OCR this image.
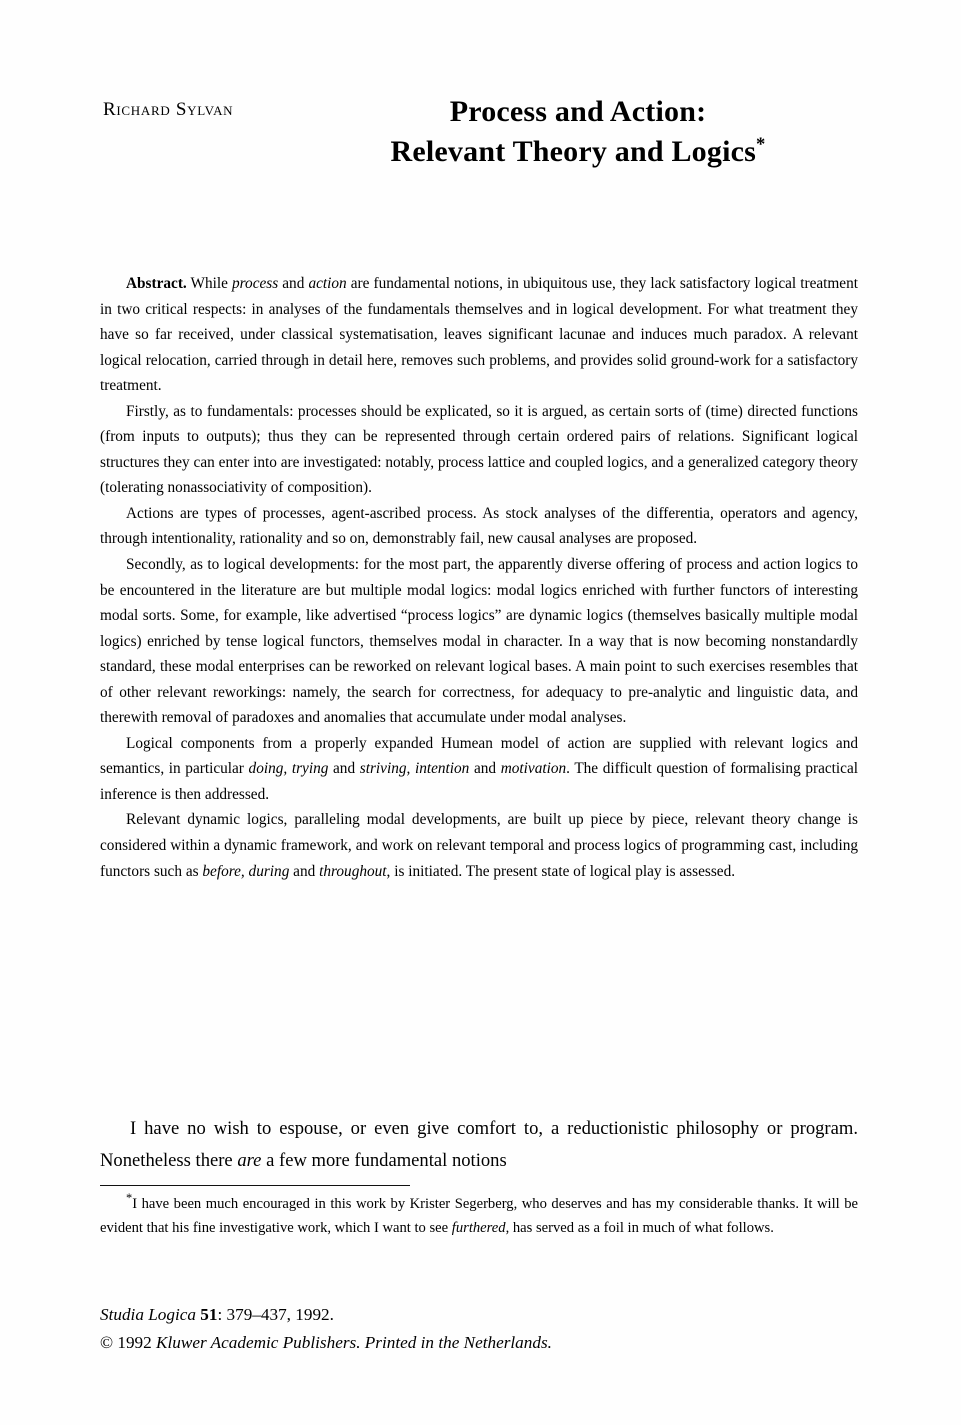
Richard Sylvan	Process and Action:
Relevant Theory and Logics*

Abstract. While process and action are fundamental notions, in ubiquitous use, they lack satisfactory logical treatment in two critical respects: in analyses of the fundamentals themselves and in logical development. For what treatment they have so far received, under classical systematisation, leaves significant lacunae and induces much paradox. A relevant logical relocation, carried through in detail here, removes such problems, and provides solid ground-work for a satisfactory treatment.

Firstly, as to fundamentals: processes should be explicated, so it is argued, as certain sorts of (time) directed functions (from inputs to outputs); thus they can be represented through certain ordered pairs of relations. Significant logical structures they can enter into are investigated: notably, process lattice and coupled logics, and a generalized category theory (tolerating nonassociativity of composition).

Actions are types of processes, agent-ascribed process. As stock analyses of the differentia, operators and agency, through intentionality, rationality and so on, demonstrably fail, new causal analyses are proposed.

Secondly, as to logical developments: for the most part, the apparently diverse offering of process and action logics to be encountered in the literature are but multiple modal logics: modal logics enriched with further functors of interesting modal sorts. Some, for example, like advertised “process logics” are dynamic logics (themselves basically multiple modal logics) enriched by tense logical functors, themselves modal in character. In a way that is now becoming nonstandardly standard, these modal enterprises can be reworked on relevant logical bases. A main point to such exercises resembles that of other relevant reworkings: namely, the search for correctness, for adequacy to pre-analytic and linguistic data, and therewith removal of paradoxes and anomalies that accumulate under modal analyses.

Logical components from a properly expanded Humean model of action are supplied with relevant logics and semantics, in particular doing, trying and striving, intention and motivation. The difficult question of formalising practical inference is then addressed.

Relevant dynamic logics, paralleling modal developments, are built up piece by piece, relevant theory change is considered within a dynamic framework, and work on relevant temporal and process logics of programming cast, including functors such as before, during and throughout, is initiated. The present state of logical play is assessed.

I have no wish to espouse, or even give comfort to, a reductionistic philosophy or program. Nonetheless there are a few more fundamental notions

*I have been much encouraged in this work by Krister Segerberg, who deserves and has my considerable thanks. It will be evident that his fine investigative work, which I want to see furthered, has served as a foil in much of what follows.

Studia Logica 51: 379–437, 1992.
© 1992 Kluwer Academic Publishers. Printed in the Netherlands.
